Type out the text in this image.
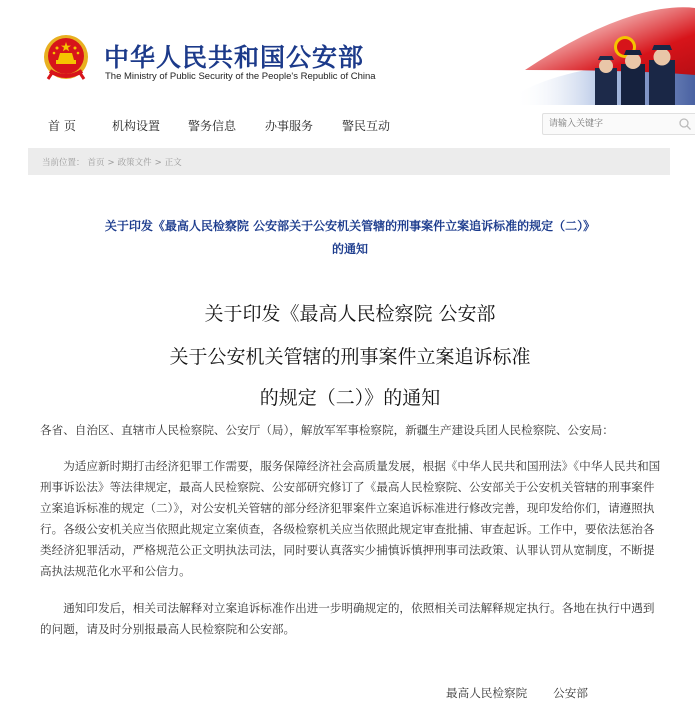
中华人民共和国公安部
The Ministry of Public Security of the People's Republic of China
首 页	机构设置 警务信息 办事服务 警民互动
请输入关键字
当前位置： 首页 > 政策文件 > 正文
关于印发《最高人民检察院 公安部关于公安机关管辖的刑事案件立案追诉标准的规定（二）》
的通知
关于印发《最高人民检察院 公安部
关于公安机关管辖的刑事案件立案追诉标准
的规定（二）》的通知
各省、自治区、直辖市人民检察院、公安厅（局），解放军军事检察院，新疆生产建设兵团人民检察院、公安局：
为适应新时期打击经济犯罪工作需要，服务保障经济社会高质量发展，根据《中华人民共和国刑法》《中华人民共和国刑事诉讼法》等法律规定，最高人民检察院、公安部研究修订了《最高人民检察院、公安部关于公安机关管辖的刑事案件立案追诉标准的规定（二）》，对公安机关管辖的部分经济犯罪案件立案追诉标准进行修改完善，现印发给你们，请遵照执行。各级公安机关应当依照此规定立案侦查，各级检察机关应当依照此规定审查批捕、审查起诉。工作中，要依法惩治各类经济犯罪活动，严格规范公正文明执法司法，同时要认真落实少捕慎诉慎押刑事司法政策、认罪认罚从宽制度，不断提高执法规范化水平和公信力。
通知印发后，相关司法解释对立案追诉标准作出进一步明确规定的，依照相关司法解释规定执行。各地在执行中遇到的问题，请及时分别报最高人民检察院和公安部。
最高人民检察院 公安部
